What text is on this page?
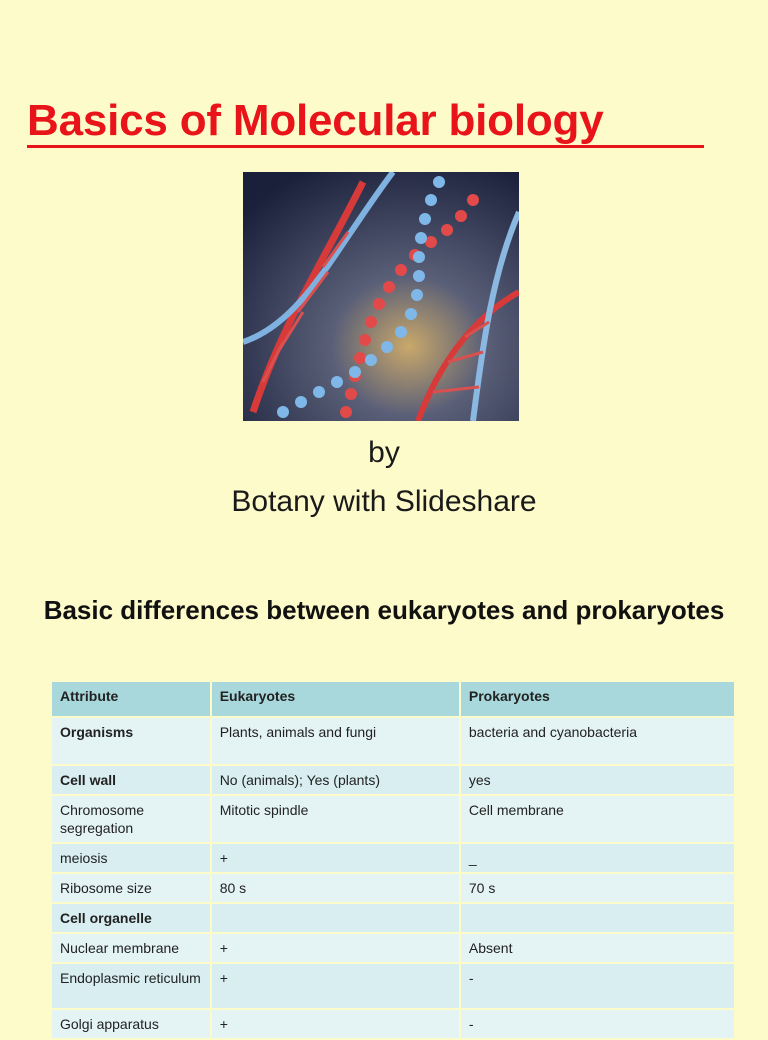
Basics of Molecular biology
by
Botany with Slideshare
Basic differences between eukaryotes and prokaryotes
Attribute	Eukaryotes	Prokaryotes
Organisms	Plants, animals and fungi	bacteria and cyanobacteria
Cell wall	No (animals); Yes (plants)	yes
Chromosome segregation	Mitotic spindle	Cell membrane
meiosis	+	_
Ribosome size	80 s	70 s
Cell organelle		
Nuclear membrane	+	Absent
Endoplasmic reticulum	+	-
Golgi apparatus	+	-
